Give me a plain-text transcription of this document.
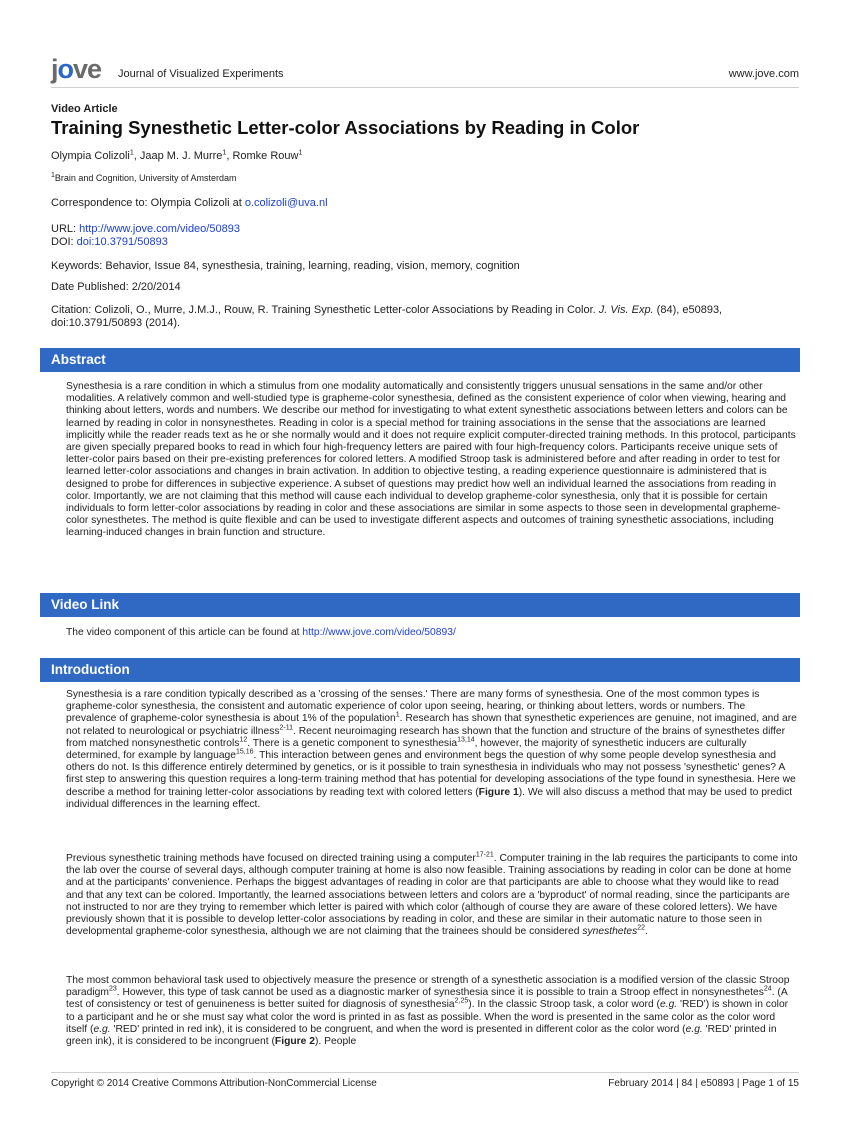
jove Journal of Visualized Experiments	www.jove.com
Video Article
Training Synesthetic Letter-color Associations by Reading in Color
Olympia Colizoli$^1$, Jaap M. J. Murre$^1$, Romke Rouw$^1$
$^1$Brain and Cognition, University of Amsterdam
Correspondence to: Olympia Colizoli at o.colizoli@uva.nl
URL: http://www.jove.com/video/50893
DOI: doi:10.3791/50893
Keywords: Behavior, Issue 84, synesthesia, training, learning, reading, vision, memory, cognition
Date Published: 2/20/2014
Citation: Colizoli, O., Murre, J.M.J., Rouw, R. Training Synesthetic Letter-color Associations by Reading in Color. J. Vis. Exp. (84), e50893,
doi:10.3791/50893 (2014).
Abstract
Synesthesia is a rare condition in which a stimulus from one modality automatically and consistently triggers unusual sensations in the same and/or other modalities. A relatively common and well-studied type is grapheme-color synesthesia, defined as the consistent experience of color when viewing, hearing and thinking about letters, words and numbers. We describe our method for investigating to what extent synesthetic associations between letters and colors can be learned by reading in color in nonsynesthetes. Reading in color is a special method for training associations in the sense that the associations are learned implicitly while the reader reads text as he or she normally would and it does not require explicit computer-directed training methods. In this protocol, participants are given specially prepared books to read in which four high-frequency letters are paired with four high-frequency colors. Participants receive unique sets of letter-color pairs based on their pre-existing preferences for colored letters. A modified Stroop task is administered before and after reading in order to test for learned letter-color associations and changes in brain activation. In addition to objective testing, a reading experience questionnaire is administered that is designed to probe for differences in subjective experience. A subset of questions may predict how well an individual learned the associations from reading in color. Importantly, we are not claiming that this method will cause each individual to develop grapheme-color synesthesia, only that it is possible for certain individuals to form letter-color associations by reading in color and these associations are similar in some aspects to those seen in developmental grapheme-color synesthetes. The method is quite flexible and can be used to investigate different aspects and outcomes of training synesthetic associations, including learning-induced changes in brain function and structure.
Video Link
The video component of this article can be found at http://www.jove.com/video/50893/
Introduction
Synesthesia is a rare condition typically described as a 'crossing of the senses.' There are many forms of synesthesia. One of the most common types is grapheme-color synesthesia, the consistent and automatic experience of color upon seeing, hearing, or thinking about letters, words or numbers. The prevalence of grapheme-color synesthesia is about 1% of the population$^1$. Research has shown that synesthetic experiences are genuine, not imagined, and are not related to neurological or psychiatric illness$^{2-11}$. Recent neuroimaging research has shown that the function and structure of the brains of synesthetes differ from matched nonsynesthetic controls$^{12}$. There is a genetic component to synesthesia$^{13,14}$, however, the majority of synesthetic inducers are culturally determined, for example by language$^{15,16}$. This interaction between genes and environment begs the question of why some people develop synesthesia and others do not. Is this difference entirely determined by genetics, or is it possible to train synesthesia in individuals who may not possess 'synesthetic' genes? A first step to answering this question requires a long-term training method that has potential for developing associations of the type found in synesthesia. Here we describe a method for training letter-color associations by reading text with colored letters (Figure 1). We will also discuss a method that may be used to predict individual differences in the learning effect.
Previous synesthetic training methods have focused on directed training using a computer$^{17-21}$. Computer training in the lab requires the participants to come into the lab over the course of several days, although computer training at home is also now feasible. Training associations by reading in color can be done at home and at the participants' convenience. Perhaps the biggest advantages of reading in color are that participants are able to choose what they would like to read and that any text can be colored. Importantly, the learned associations between letters and colors are a 'byproduct' of normal reading, since the participants are not instructed to nor are they trying to remember which letter is paired with which color (although of course they are aware of these colored letters). We have previously shown that it is possible to develop letter-color associations by reading in color, and these are similar in their automatic nature to those seen in developmental grapheme-color synesthesia, although we are not claiming that the trainees should be considered synesthetes$^{22}$.
The most common behavioral task used to objectively measure the presence or strength of a synesthetic association is a modified version of the classic Stroop paradigm$^{23}$. However, this type of task cannot be used as a diagnostic marker of synesthesia since it is possible to train a Stroop effect in nonsynesthetes$^{24}$. (A test of consistency or test of genuineness is better suited for diagnosis of synesthesia$^{2,25}$). In the classic Stroop task, a color word (e.g. 'RED') is shown in color to a participant and he or she must say what color the word is printed in as fast as possible. When the word is presented in the same color as the color word itself (e.g. 'RED' printed in red ink), it is considered to be congruent, and when the word is presented in different color as the color word (e.g. 'RED' printed in green ink), it is considered to be incongruent (Figure 2). People
Copyright © 2014 Creative Commons Attribution-NonCommercial License	February 2014 | 84 | e50893 | Page 1 of 15
